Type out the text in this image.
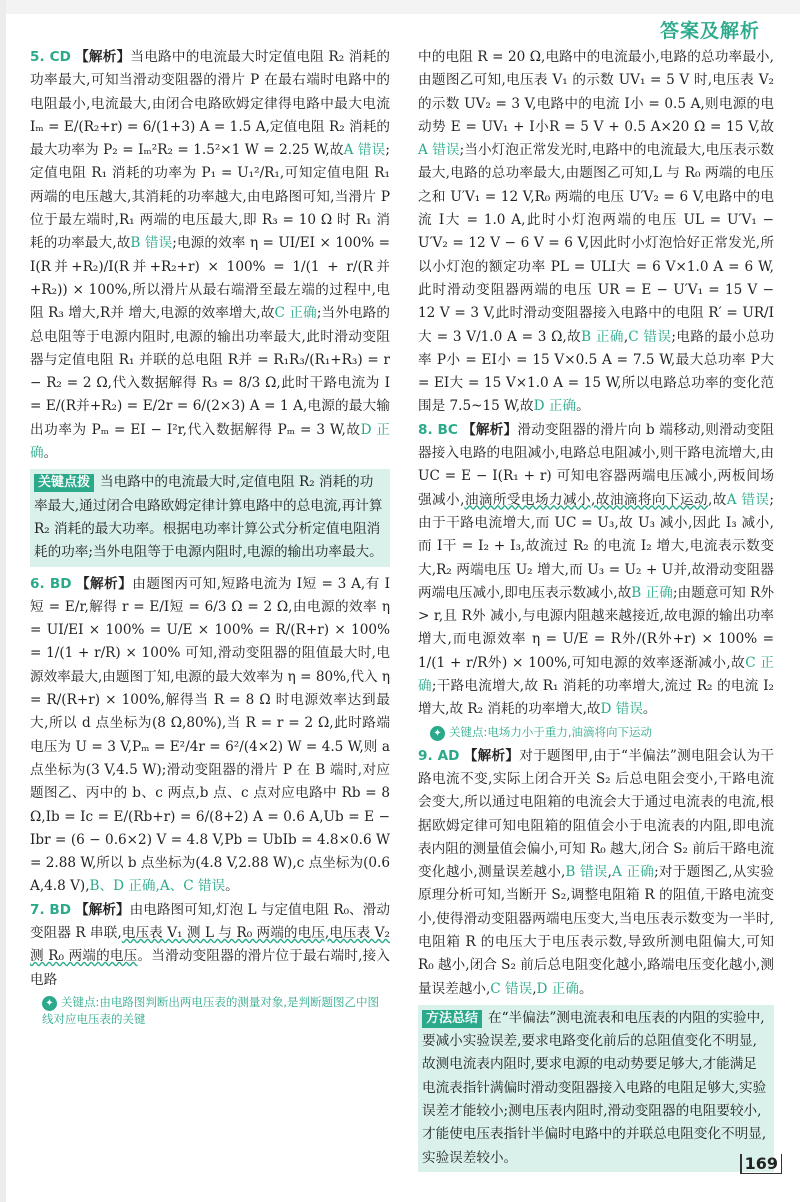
答案及解析

5. CD 【解析】当电路中的电流最大时定值电阻 R₂ 消耗的功率最大,可知当滑动变阻器的滑片 P 在最右端时电路中的电阻最小,电流最大,由闭合电路欧姆定律得电路中最大电流 Iₘ = E/(R₂+r) = 6/(1+3) A = 1.5 A,定值电阻 R₂ 消耗的最大功率为 P₂ = Iₘ²R₂ = 1.5²×1 W = 2.25 W,故A 错误;定值电阻 R₁ 消耗的功率为 P₁ = U₁²/R₁,可知定值电阻 R₁ 两端的电压越大,其消耗的功率越大,由电路图可知,当滑片 P 位于最左端时,R₁ 两端的电压最大,即 R₃ = 10 Ω 时 R₁ 消耗的功率最大,故B 错误;电源的效率 η = UI/EI × 100% = I(R并+R₂)/I(R并+R₂+r) × 100% = 1/(1 + r/(R并+R₂)) × 100%,所以滑片从最右端滑至最左端的过程中,电阻 R₃ 增大,R并 增大,电源的效率增大,故C 正确;当外电路的总电阻等于电源内阻时,电源的输出功率最大,此时滑动变阻器与定值电阻 R₁ 并联的总电阻 R并 = R₁R₃/(R₁+R₃) = r − R₂ = 2 Ω,代入数据解得 R₃ = 8/3 Ω,此时干路电流为 I = E/(R并+R₂) = E/2r = 6/(2×3) A = 1 A,电源的最大输出功率为 Pₘ = EI − I²r,代入数据解得 Pₘ = 3 W,故D 正确。

关键点拨 当电路中的电流最大时,定值电阻 R₂ 消耗的功率最大,通过闭合电路欧姆定律计算电路中的总电流,再计算 R₂ 消耗的最大功率。根据电功率计算公式分析定值电阻消耗的功率;当外电阻等于电源内阻时,电源的输出功率最大。

6. BD 【解析】由题图丙可知,短路电流为 I短 = 3 A,有 I短 = E/r,解得 r = E/I短 = 6/3 Ω = 2 Ω,由电源的效率 η = UI/EI × 100% = U/E × 100% = R/(R+r) × 100% = 1/(1 + r/R) × 100% 可知,滑动变阻器的阻值最大时,电源效率最大,由题图丁知,电源的最大效率为 η = 80%,代入 η = R/(R+r) × 100%,解得当 R = 8 Ω 时电源效率达到最大,所以 d 点坐标为(8 Ω,80%),当 R = r = 2 Ω,此时路端电压为 U = 3 V,Pₘ = E²/4r = 6²/(4×2) W = 4.5 W,则 a 点坐标为(3 V,4.5 W);滑动变阻器的滑片 P 在 B 端时,对应题图乙、丙中的 b、c 两点,b 点、c 点对应电路中 Rb = 8 Ω,Ib = Ic = E/(Rb+r) = 6/(8+2) A = 0.6 A,Ub = E − Ibr = (6 − 0.6×2) V = 4.8 V,Pb = UbIb = 4.8×0.6 W = 2.88 W,所以 b 点坐标为(4.8 V,2.88 W),c 点坐标为(0.6 A,4.8 V),B、D 正确,A、C 错误。

7. BD 【解析】由电路图可知,灯泡 L 与定值电阻 R₀、滑动变阻器 R 串联,电压表 V₁ 测 L 与 R₀ 两端的电压,电压表 V₂ 测 R₀ 两端的电压。当滑动变阻器的滑片位于最右端时,接入电路

✦ 关键点:由电路图判断出两电压表的测量对象,是判断题图乙中图线对应电压表的关键

中的电阻 R = 20 Ω,电路中的电流最小,电路的总功率最小,由题图乙可知,电压表 V₁ 的示数 UV₁ = 5 V 时,电压表 V₂ 的示数 UV₂ = 3 V,电路中的电流 I小 = 0.5 A,则电源的电动势 E = UV₁ + I小R = 5 V + 0.5 A×20 Ω = 15 V,故A 错误;当小灯泡正常发光时,电路中的电流最大,电压表示数最大,电路的总功率最大,由题图乙可知,L 与 R₀ 两端的电压之和 U′V₁ = 12 V,R₀ 两端的电压 U′V₂ = 6 V,电路中的电流 I大 = 1.0 A,此时小灯泡两端的电压 UL = U′V₁ − U′V₂ = 12 V − 6 V = 6 V,因此时小灯泡恰好正常发光,所以小灯泡的额定功率 PL = ULI大 = 6 V×1.0 A = 6 W,此时滑动变阻器两端的电压 UR = E − U′V₁ = 15 V − 12 V = 3 V,此时滑动变阻器接入电路中的电阻 R′ = UR/I大 = 3 V/1.0 A = 3 Ω,故B 正确,C 错误;电路的最小总功率 P小 = EI小 = 15 V×0.5 A = 7.5 W,最大总功率 P大 = EI大 = 15 V×1.0 A = 15 W,所以电路总功率的变化范围是 7.5~15 W,故D 正确。

8. BC 【解析】滑动变阻器的滑片向 b 端移动,则滑动变阻器接入电路的电阻减小,电路总电阻减小,则干路电流增大,由 UC = E − I(R₁ + r) 可知电容器两端电压减小,两板间场强减小,油滴所受电场力减小,故油滴将向下运动,故A 错误;由于干路电流增大,而 UC = U₃,故 U₃ 减小,因此 I₃ 减小,而 I干 = I₂ + I₃,故流过 R₂ 的电流 I₂ 增大,电流表示数变大,R₂ 两端电压 U₂ 增大,而 U₃ = U₂ + U并,故滑动变阻器两端电压减小,即电压表示数减小,故B 正确;由题意可知 R外 > r,且 R外 减小,与电源内阻越来越接近,故电源的输出功率增大,而电源效率 η = U/E = R外/(R外+r) × 100% = 1/(1 + r/R外) × 100%,可知电源的效率逐渐减小,故C 正确;干路电流增大,故 R₁ 消耗的功率增大,流过 R₂ 的电流 I₂ 增大,故 R₂ 消耗的功率增大,故D 错误。

✦ 关键点:电场力小于重力,油滴将向下运动

9. AD 【解析】对于题图甲,由于“半偏法”测电阻会认为干路电流不变,实际上闭合开关 S₂ 后总电阻会变小,干路电流会变大,所以通过电阻箱的电流会大于通过电流表的电流,根据欧姆定律可知电阻箱的阻值会小于电流表的内阻,即电流表内阻的测量值会偏小,可知 R₀ 越大,闭合 S₂ 前后干路电流变化越小,测量误差越小,B 错误,A 正确;对于题图乙,从实验原理分析可知,当断开 S₂,调整电阻箱 R 的阻值,干路电流变小,使得滑动变阻器两端电压变大,当电压表示数变为一半时,电阻箱 R 的电压大于电压表示数,导致所测电阻偏大,可知 R₀ 越小,闭合 S₂ 前后总电阻变化越小,路端电压变化越小,测量误差越小,C 错误,D 正确。

方法总结 在“半偏法”测电流表和电压表的内阻的实验中,要减小实验误差,要求电路变化前后的总阻值变化不明显,故测电流表内阻时,要求电源的电动势要足够大,才能满足电流表指针满偏时滑动变阻器接入电路的电阻足够大,实验误差才能较小;测电压表内阻时,滑动变阻器的电阻要较小,才能使电压表指针半偏时电路中的并联总电阻变化不明显,实验误差较小。	169
